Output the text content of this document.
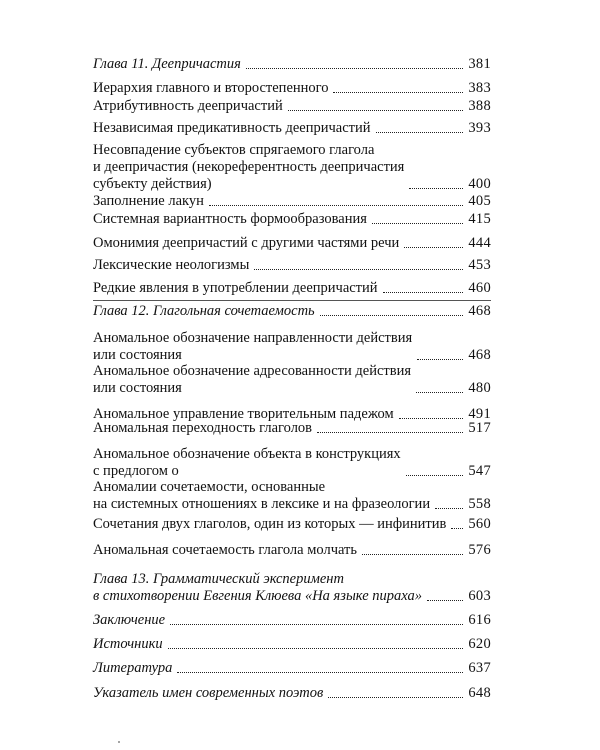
Глава 11. Деепричастия	381
Иерархия главного и второстепенного	383
Атрибутивность деепричастий	388
Независимая предикативность деепричастий	393
Несовпадение субъектов спрягаемого глагола
и деепричастия (некореферентность деепричастия
субъекту действия)	400
Заполнение лакун	405
Системная вариантность формообразования	415
Омонимия деепричастий с другими частями речи	444
Лексические неологизмы	453
Редкие явления в употреблении деепричастий	460
Глава 12. Глагольная сочетаемость	468
Аномальное обозначение направленности действия
или состояния	468
Аномальное обозначение адресованности действия
или состояния	480
Аномальное управление творительным падежом	491
Аномальная переходность глаголов	517
Аномальное обозначение объекта в конструкциях
с предлогом о	547
Аномалии сочетаемости, основанные
на системных отношениях в лексике и на фразеологии	558
Сочетания двух глаголов, один из которых — инфинитив 560
Аномальная сочетаемость глагола молчать	576
Глава 13. Грамматический эксперимент
в стихотворении Евгения Клюева «На языке пираха»	603
Заключение	616
Источники	620
Литература	637
Указатель имен современных поэтов	648
